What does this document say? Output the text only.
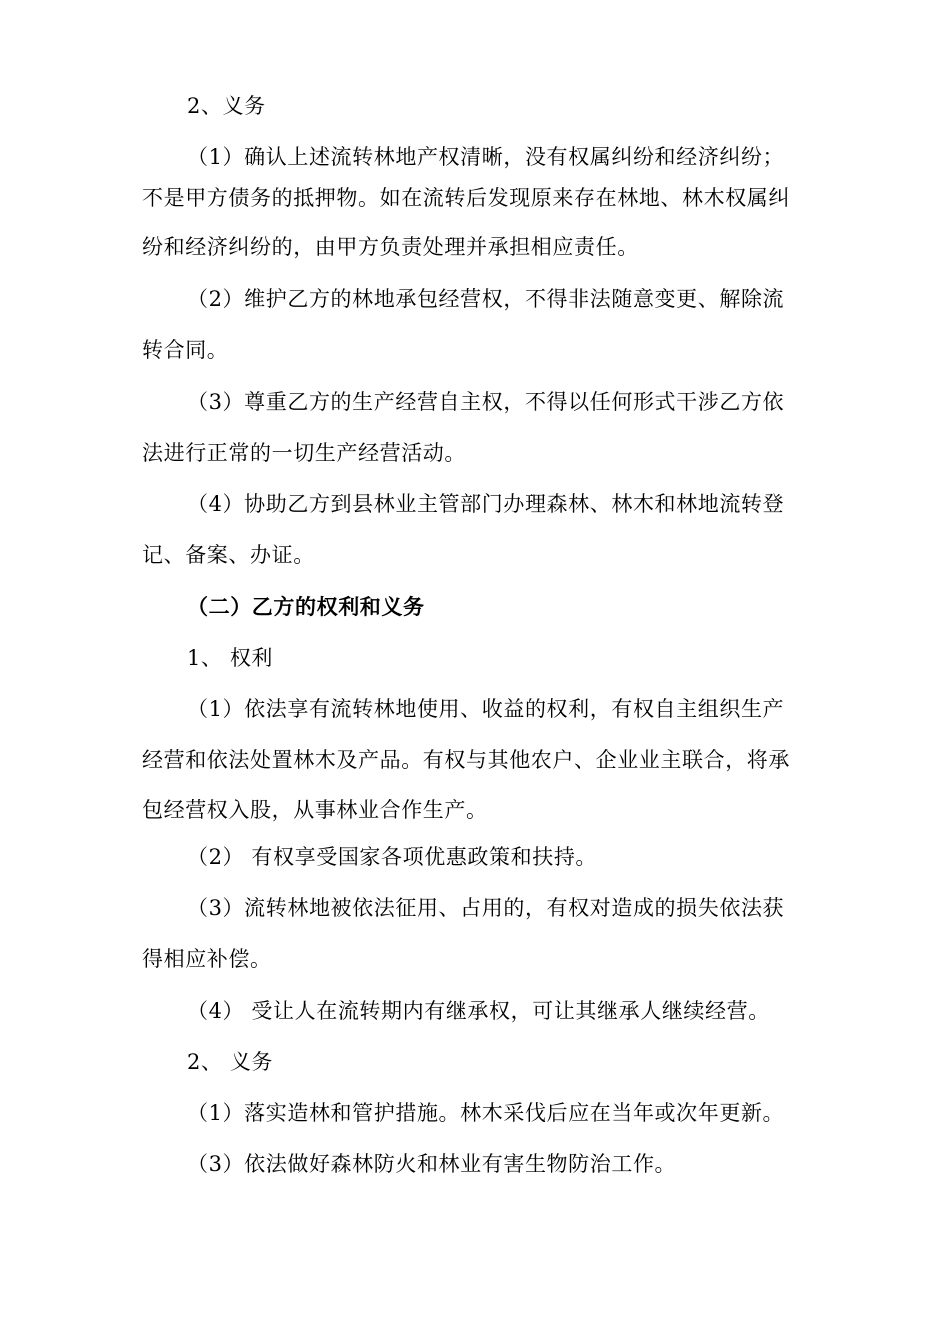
2、义务
（1）确认上述流转林地产权清晰，没有权属纠纷和经济纠纷；
不是甲方债务的抵押物。如在流转后发现原来存在林地、林木权属纠
纷和经济纠纷的，由甲方负责处理并承担相应责任。
（2）维护乙方的林地承包经营权，不得非法随意变更、解除流
转合同。
（3）尊重乙方的生产经营自主权，不得以任何形式干涉乙方依
法进行正常的一切生产经营活动。
（4）协助乙方到县林业主管部门办理森林、林木和林地流转登
记、备案、办证。
（二）乙方的权利和义务
1、 权利
（1）依法享有流转林地使用、收益的权利，有权自主组织生产
经营和依法处置林木及产品。有权与其他农户、企业业主联合，将承
包经营权入股，从事林业合作生产。
（2） 有权享受国家各项优惠政策和扶持。
（3）流转林地被依法征用、占用的，有权对造成的损失依法获
得相应补偿。
（4） 受让人在流转期内有继承权，可让其继承人继续经营。
2、 义务
（1）落实造林和管护措施。林木采伐后应在当年或次年更新。
（3）依法做好森林防火和林业有害生物防治工作。
